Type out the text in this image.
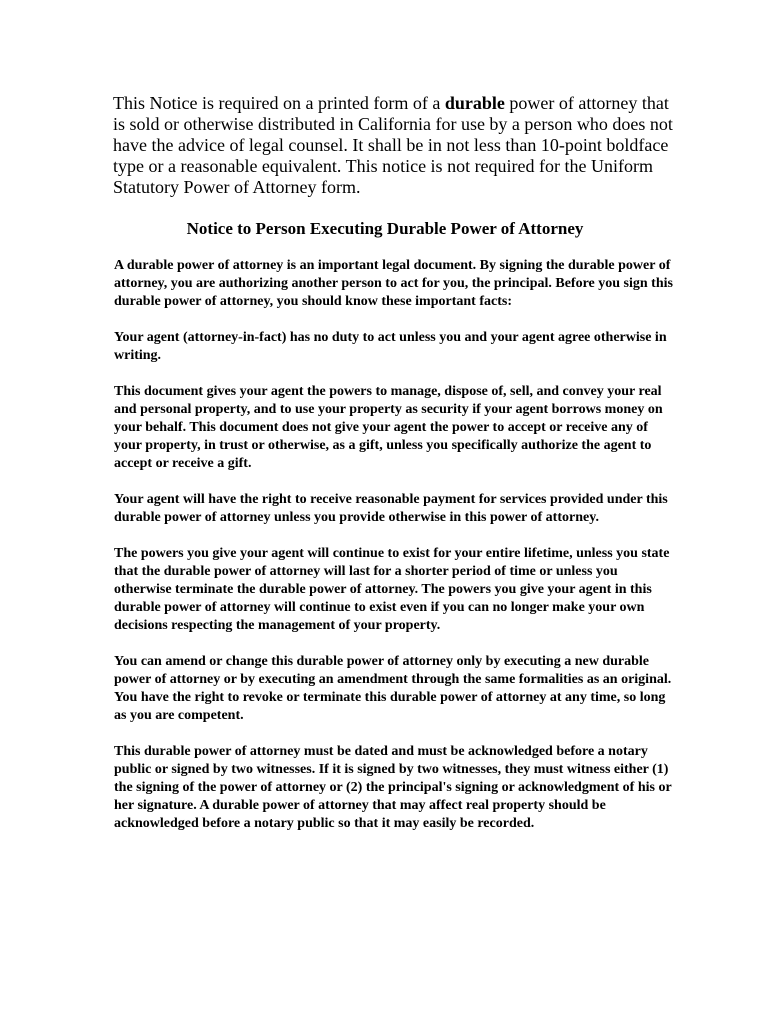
This Notice is required on a printed form of a durable power of attorney that is sold or otherwise distributed in California for use by a person who does not have the advice of legal counsel. It shall be in not less than 10-point boldface type or a reasonable equivalent. This notice is not required for the Uniform Statutory Power of Attorney form.

Notice to Person Executing Durable Power of Attorney

A durable power of attorney is an important legal document. By signing the durable power of attorney, you are authorizing another person to act for you, the principal. Before you sign this durable power of attorney, you should know these important facts:

Your agent (attorney-in-fact) has no duty to act unless you and your agent agree otherwise in writing.

This document gives your agent the powers to manage, dispose of, sell, and convey your real and personal property, and to use your property as security if your agent borrows money on your behalf. This document does not give your agent the power to accept or receive any of your property, in trust or otherwise, as a gift, unless you specifically authorize the agent to accept or receive a gift.

Your agent will have the right to receive reasonable payment for services provided under this durable power of attorney unless you provide otherwise in this power of attorney.

The powers you give your agent will continue to exist for your entire lifetime, unless you state that the durable power of attorney will last for a shorter period of time or unless you otherwise terminate the durable power of attorney. The powers you give your agent in this durable power of attorney will continue to exist even if you can no longer make your own decisions respecting the management of your property.

You can amend or change this durable power of attorney only by executing a new durable power of attorney or by executing an amendment through the same formalities as an original. You have the right to revoke or terminate this durable power of attorney at any time, so long as you are competent.

This durable power of attorney must be dated and must be acknowledged before a notary public or signed by two witnesses. If it is signed by two witnesses, they must witness either (1) the signing of the power of attorney or (2) the principal's signing or acknowledgment of his or her signature. A durable power of attorney that may affect real property should be acknowledged before a notary public so that it may easily be recorded.
